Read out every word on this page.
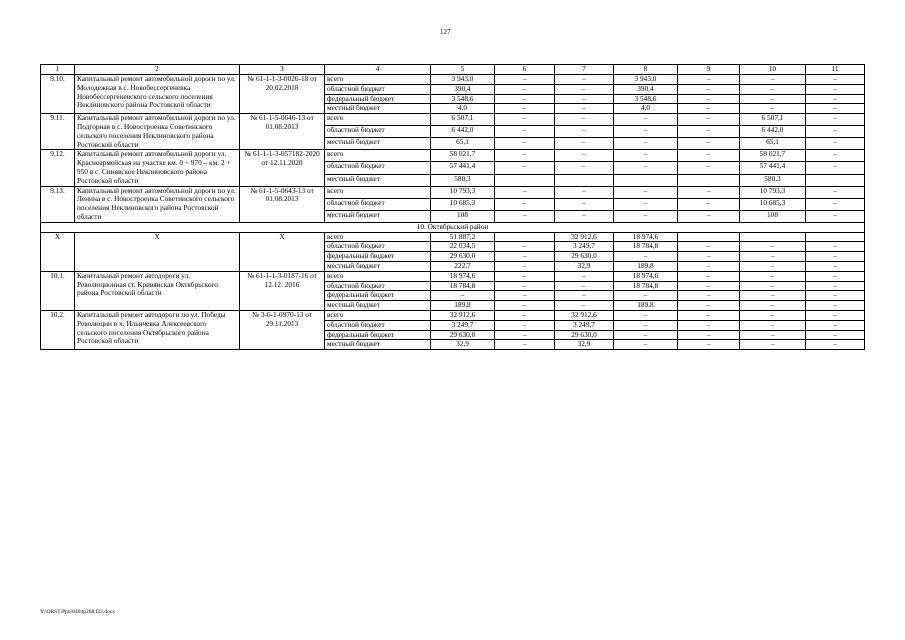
127
1	2	3	4	5	6	7	8	9	10	11
9.10.	Капитальный ремонт автомобильной дороги по ул. Молодежная в с. Новобессергеневка Новобессергеневского сельского поселения Неклиновского района Ростовской области	№ 61-1-1-3-0026-18 от 20.02.2018	всего	3 943,0	–	–	3 943,0	–	–	–
			областной бюджет	390,4	–	–	390,4	–	–	–
			федеральный бюджет	3 548,6	–	–	3 548,6	–	–	–
			местный бюджет	4,0	–	–	4,0	–	–	–
9.11.	Капитальный ремонт автомобильной дороги по ул. Подгорная в с. Новостроенка Советинского сельского поселения Неклиновского района Ростовской области	№ 61-1-5-0646-13 от 01.08.2013	всего	6 507,1	–	–	–	–	6 507,1	–
			областной бюджет	6 442,0	–	–	–	–	6 442,0	–
			местный бюджет	65,1	–	–	–	–	65,1	–
9.12.	Капитальный ремонт автомобильной дороги ул. Красноармейская на участке км. 0 + 970 – км. 2 + 950 в с. Синявское Неклиновского района Ростовской области	№ 61-1-1-3-057182-2020 от 12.11.2020	всего	58 021,7	–	–	–	–	58 021,7	–
			областной бюджет	57 441,4	–	–	–	–	57 441,4	–
			местный бюджет	580,3					580,3	
9.13.	Капитальный ремонт автомобильной дороги по ул. Ленина в с. Новостроенка Советинского сельского поселения Неклиновского района Ростовской области	№ 61-1-5-0643-13 от 01.08.2013	всего	10 793,3	–	–	–	–	10 793,3	–
			областной бюджет	10 685,3	–	–	–	–	10 685,3	–
			местный бюджет	108	–	–	–	–	108	–
10. Октябрьский район										
Х	Х	Х	всего	51 887,2		32 912,6	18 974,6			
			областной бюджет	22 034,5	–	3 249,7	18 784,8	–	–	–
			федеральный бюджет	29 630,0	–	29 630,0	–	–	–	–
			местный бюджет	222,7	–	32,9	189,8	–	–	–
10.1.	Капитальный ремонт автодороги ул. Революционная ст. Кривянская Октябрьского района Ростовской области	№ 61-1-1-3-0187-16 от 12.12. 2016	всего	18 974,6	–	–	18 974,6	–	–	–
			областной бюджет	18 784,8	–	–	18 784,8	–	–	–
			федеральный бюджет	–	–	–	–	–	–	–
			местный бюджет	189,8	–	–	189,8	–	–	–
10.2.	Капитальный ремонт автодороги по ул. Победы Революции в х. Ильичевка Алексеевского сельского поселения Октябрьского района Ростовской области	№ 3-6-1-0970-13 от 29.11.2013	всего	32 912,6	–	32 912,6	–	–	–	–
			областной бюджет	3 249,7	–	3 249,7	–	–	–	–
			федеральный бюджет	29 630,0	–	29 630,0	–	–	–	–
			местный бюджет	32,9	–	32,9	–	–	–	–
Y:\ORST\Ppo\0404p268.f22.docx
